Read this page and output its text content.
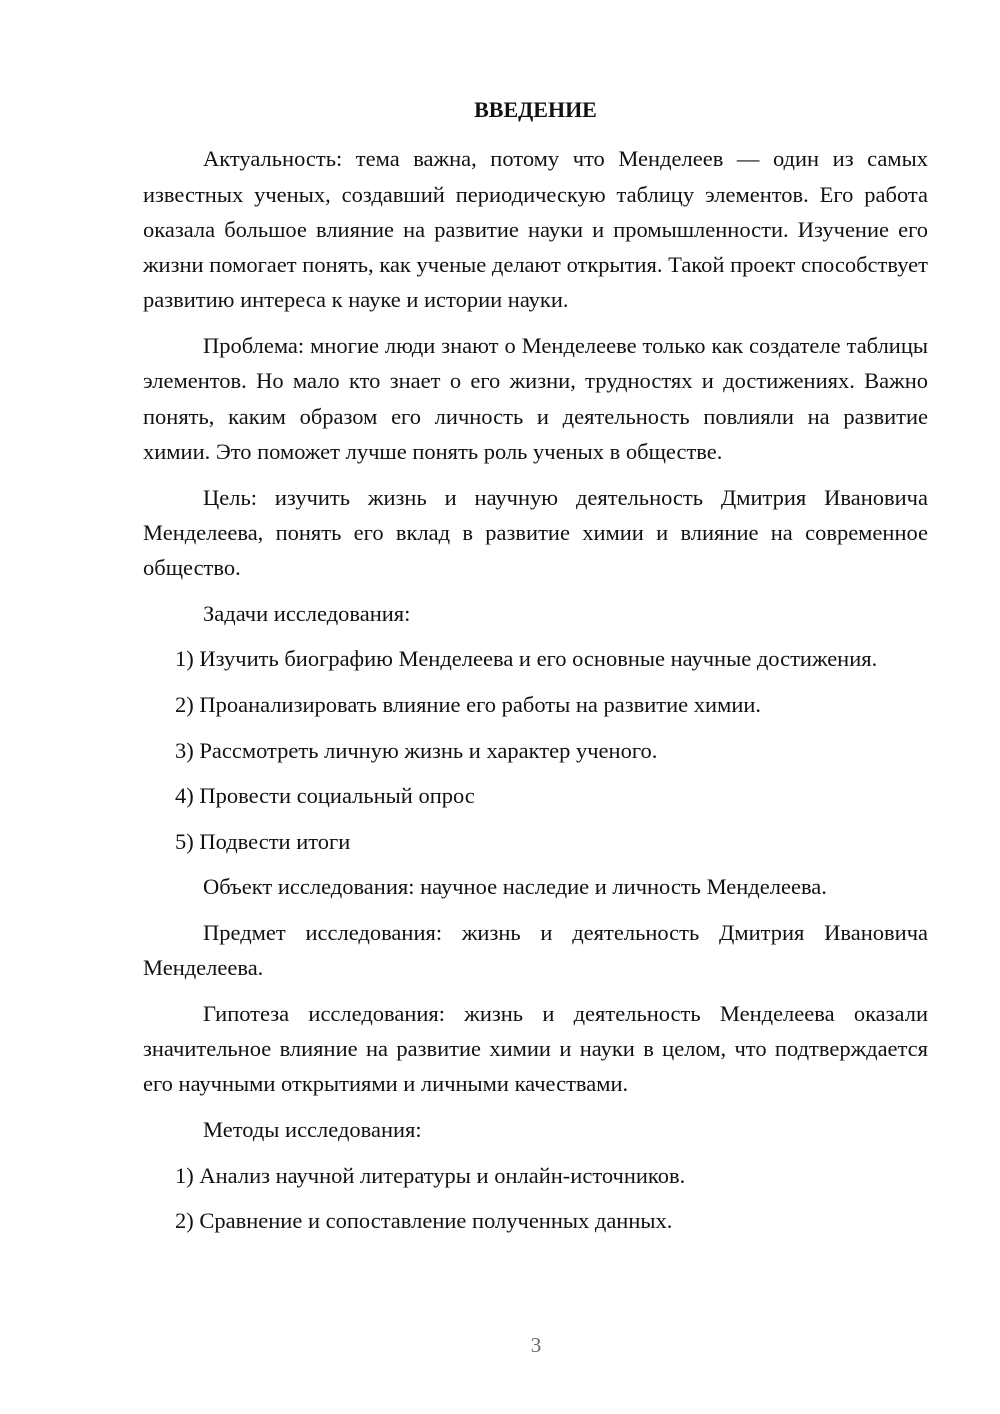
ВВЕДЕНИЕ

Актуальность: тема важна, потому что Менделеев — один из самых известных ученых, создавший периодическую таблицу элементов. Его работа оказала большое влияние на развитие науки и промышленности. Изучение его жизни помогает понять, как ученые делают открытия. Такой проект способствует развитию интереса к науке и истории науки.

Проблема: многие люди знают о Менделееве только как создателе таблицы элементов. Но мало кто знает о его жизни, трудностях и достижениях. Важно понять, каким образом его личность и деятельность повлияли на развитие химии. Это поможет лучше понять роль ученых в обществе.

Цель: изучить жизнь и научную деятельность Дмитрия Ивановича Менделеева, понять его вклад в развитие химии и влияние на современное общество.

Задачи исследования:

1) Изучить биографию Менделеева и его основные научные достижения.

2) Проанализировать влияние его работы на развитие химии.

3) Рассмотреть личную жизнь и характер ученого.

4) Провести социальный опрос

5) Подвести итоги

Объект исследования: научное наследие и личность Менделеева.

Предмет исследования: жизнь и деятельность Дмитрия Ивановича Менделеева.

Гипотеза исследования: жизнь и деятельность Менделеева оказали значительное влияние на развитие химии и науки в целом, что подтверждается его научными открытиями и личными качествами.

Методы исследования:

1) Анализ научной литературы и онлайн-источников.

2) Сравнение и сопоставление полученных данных.

3
